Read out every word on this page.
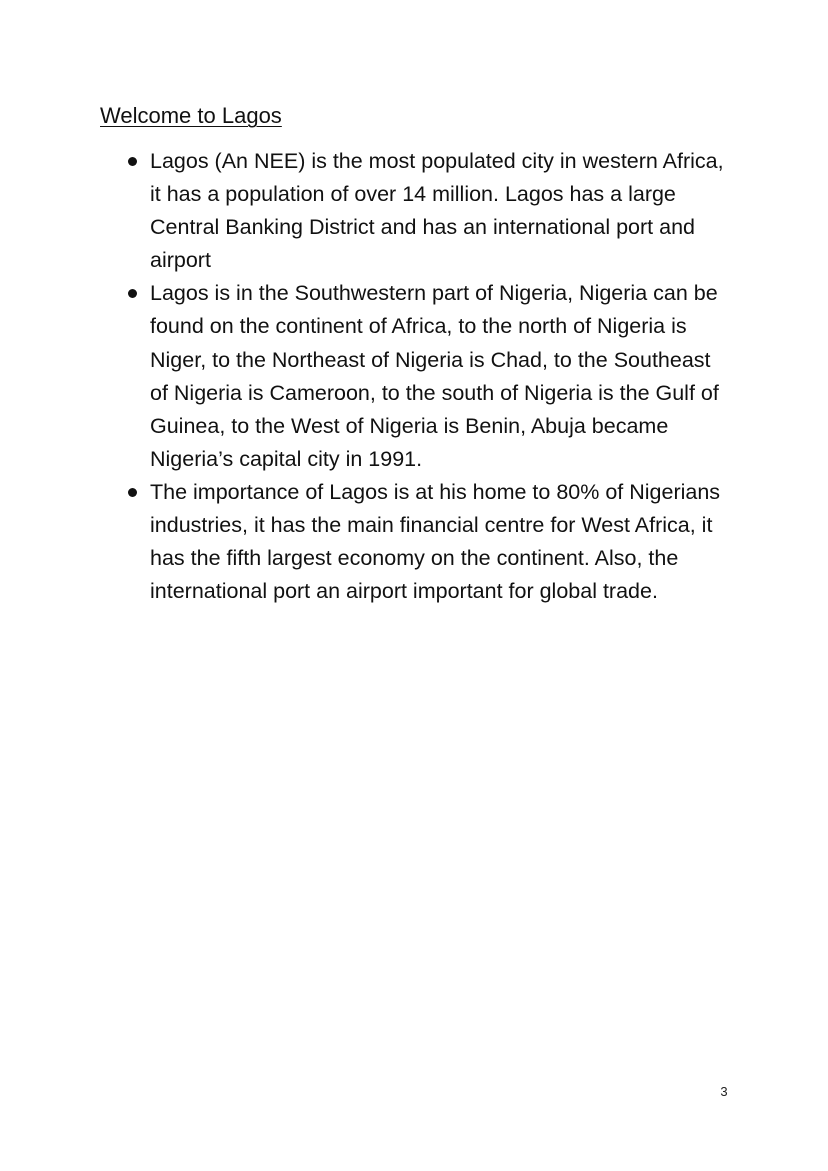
Welcome to Lagos
Lagos (An NEE) is the most populated city in western Africa, it has a population of over 14 million. Lagos has a large Central Banking District and has an international port and airport
Lagos is in the Southwestern part of Nigeria, Nigeria can be found on the continent of Africa, to the north of Nigeria is Niger, to the Northeast of Nigeria is Chad, to the Southeast of Nigeria is Cameroon, to the south of Nigeria is the Gulf of Guinea, to the West of Nigeria is Benin, Abuja became Nigeria’s capital city in 1991.
The importance of Lagos is at his home to 80% of Nigerians industries, it has the main financial centre for West Africa, it has the fifth largest economy on the continent. Also, the international port an airport important for global trade.
3
